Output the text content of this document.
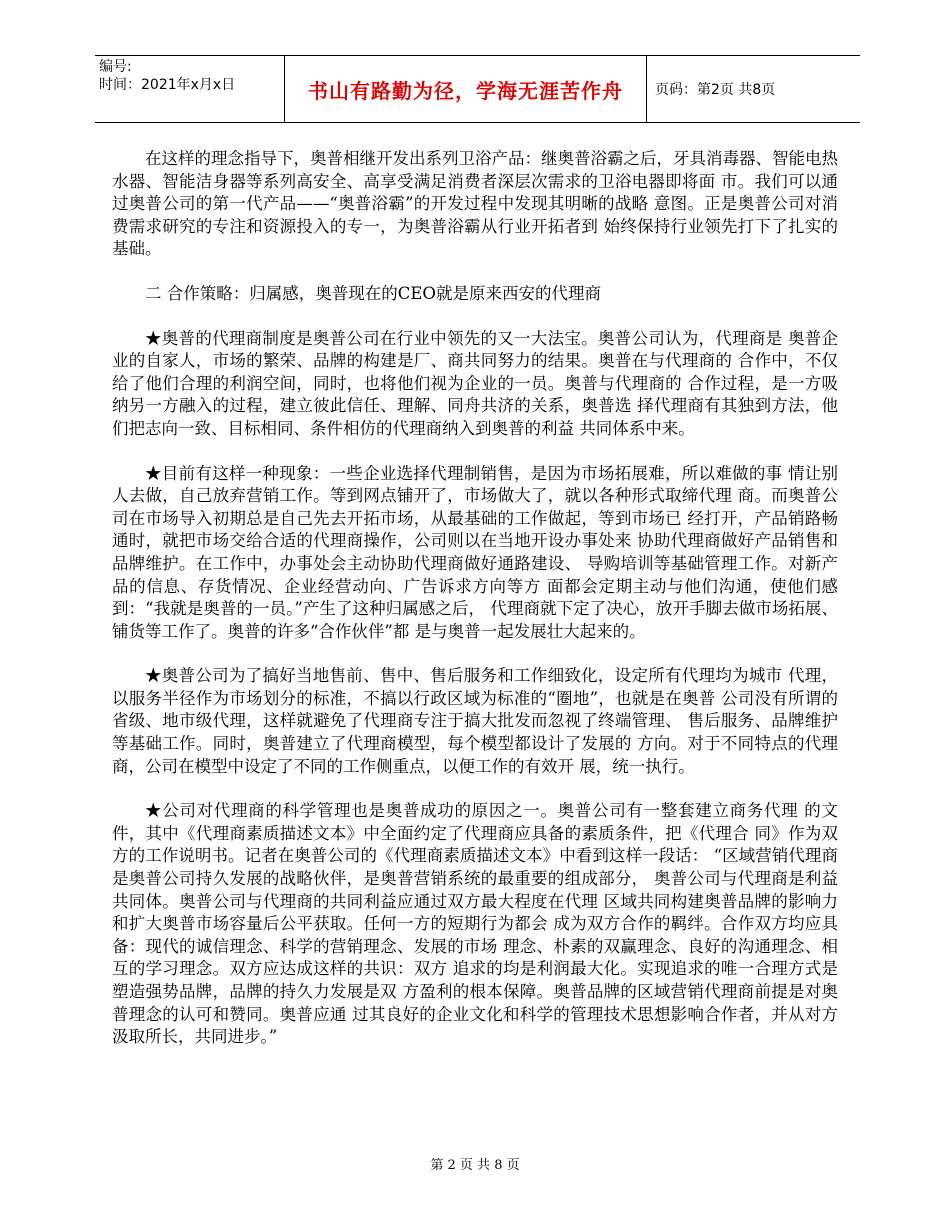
编号:
时间：2021年x月x日	书山有路勤为径，学海无涯苦作舟	页码：第2页 共8页

在这样的理念指导下，奥普相继开发出系列卫浴产品：继奥普浴霸之后，牙具消毒器、智能电热水器、智能洁身器等系列高安全、高享受满足消费者深层次需求的卫浴电器即将面 市。我们可以通过奥普公司的第一代产品——“奥普浴霸”的开发过程中发现其明晰的战略 意图。正是奥普公司对消费需求研究的专注和资源投入的专一，为奥普浴霸从行业开拓者到 始终保持行业领先打下了扎实的基础。

二 合作策略：归属感，奥普现在的CEO就是原来西安的代理商

★奥普的代理商制度是奥普公司在行业中领先的又一大法宝。奥普公司认为，代理商是 奥普企业的自家人，市场的繁荣、品牌的构建是厂、商共同努力的结果。奥普在与代理商的 合作中，不仅给了他们合理的利润空间，同时，也将他们视为企业的一员。奥普与代理商的 合作过程，是一方吸纳另一方融入的过程，建立彼此信任、理解、同舟共济的关系，奥普选 择代理商有其独到方法，他们把志向一致、目标相同、条件相仿的代理商纳入到奥普的利益 共同体系中来。

★目前有这样一种现象：一些企业选择代理制销售，是因为市场拓展难，所以难做的事 情让别人去做，自己放弃营销工作。等到网点铺开了，市场做大了，就以各种形式取缔代理 商。而奥普公司在市场导入初期总是自己先去开拓市场，从最基础的工作做起，等到市场已 经打开，产品销路畅通时，就把市场交给合适的代理商操作，公司则以在当地开设办事处来 协助代理商做好产品销售和品牌维护。在工作中，办事处会主动协助代理商做好通路建设、 导购培训等基础管理工作。对新产品的信息、存货情况、企业经营动向、广告诉求方向等方 面都会定期主动与他们沟通，使他们感到：“我就是奥普的一员。”产生了这种归属感之后， 代理商就下定了决心，放开手脚去做市场拓展、铺货等工作了。奥普的许多“合作伙伴”都 是与奥普一起发展壮大起来的。

★奥普公司为了搞好当地售前、售中、售后服务和工作细致化，设定所有代理均为城市 代理，以服务半径作为市场划分的标准，不搞以行政区域为标准的“圈地”，也就是在奥普 公司没有所谓的省级、地市级代理，这样就避免了代理商专注于搞大批发而忽视了终端管理、 售后服务、品牌维护等基础工作。同时，奥普建立了代理商模型，每个模型都设计了发展的 方向。对于不同特点的代理商，公司在模型中设定了不同的工作侧重点，以便工作的有效开 展，统一执行。

★公司对代理商的科学管理也是奥普成功的原因之一。奥普公司有一整套建立商务代理 的文件，其中《代理商素质描述文本》中全面约定了代理商应具备的素质条件，把《代理合 同》作为双方的工作说明书。记者在奥普公司的《代理商素质描述文本》中看到这样一段话： “区域营销代理商是奥普公司持久发展的战略伙伴，是奥普营销系统的最重要的组成部分， 奥普公司与代理商是利益共同体。奥普公司与代理商的共同利益应通过双方最大程度在代理 区域共同构建奥普品牌的影响力和扩大奥普市场容量后公平获取。任何一方的短期行为都会 成为双方合作的羁绊。合作双方均应具备：现代的诚信理念、科学的营销理念、发展的市场 理念、朴素的双赢理念、良好的沟通理念、相互的学习理念。双方应达成这样的共识：双方 追求的均是利润最大化。实现追求的唯一合理方式是塑造强势品牌，品牌的持久力发展是双 方盈利的根本保障。奥普品牌的区域营销代理商前提是对奥普理念的认可和赞同。奥普应通 过其良好的企业文化和科学的管理技术思想影响合作者，并从对方汲取所长，共同进步。”

第 2 页 共 8 页
